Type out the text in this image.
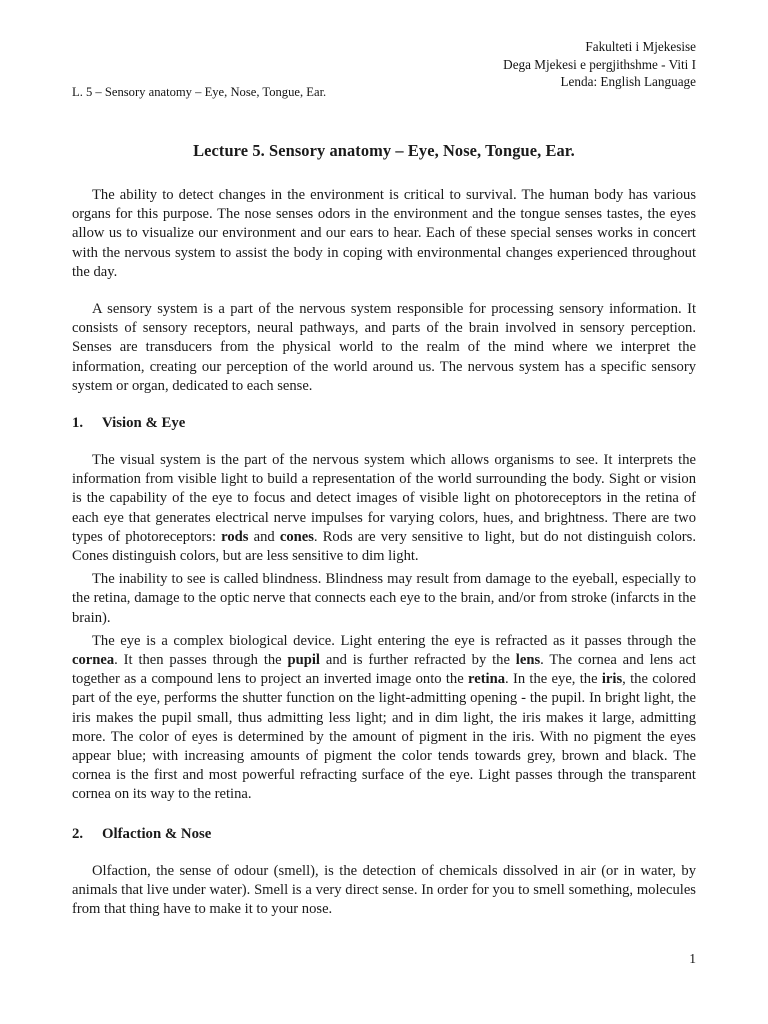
Fakulteti i Mjekesise
Dega Mjekesi e pergjithshme - Viti I
Lenda: English Language
L. 5 – Sensory anatomy – Eye, Nose, Tongue, Ear.
Lecture 5. Sensory anatomy – Eye, Nose, Tongue, Ear.

The ability to detect changes in the environment is critical to survival. The human body has various organs for this purpose. The nose senses odors in the environment and the tongue senses tastes, the eyes allow us to visualize our environment and our ears to hear. Each of these special senses works in concert with the nervous system to assist the body in coping with environmental changes experienced throughout the day.

A sensory system is a part of the nervous system responsible for processing sensory information. It consists of sensory receptors, neural pathways, and parts of the brain involved in sensory perception. Senses are transducers from the physical world to the realm of the mind where we interpret the information, creating our perception of the world around us. The nervous system has a specific sensory system or organ, dedicated to each sense.

1.	Vision & Eye

The visual system is the part of the nervous system which allows organisms to see. It interprets the information from visible light to build a representation of the world surrounding the body. Sight or vision is the capability of the eye to focus and detect images of visible light on photoreceptors in the retina of each eye that generates electrical nerve impulses for varying colors, hues, and brightness. There are two types of photoreceptors: rods and cones. Rods are very sensitive to light, but do not distinguish colors. Cones distinguish colors, but are less sensitive to dim light.

The inability to see is called blindness. Blindness may result from damage to the eyeball, especially to the retina, damage to the optic nerve that connects each eye to the brain, and/or from stroke (infarcts in the brain).

The eye is a complex biological device. Light entering the eye is refracted as it passes through the cornea. It then passes through the pupil and is further refracted by the lens. The cornea and lens act together as a compound lens to project an inverted image onto the retina. In the eye, the iris, the colored part of the eye, performs the shutter function on the light-admitting opening - the pupil. In bright light, the iris makes the pupil small, thus admitting less light; and in dim light, the iris makes it large, admitting more. The color of eyes is determined by the amount of pigment in the iris. With no pigment the eyes appear blue; with increasing amounts of pigment the color tends towards grey, brown and black. The cornea is the first and most powerful refracting surface of the eye. Light passes through the transparent cornea on its way to the retina.

2.	Olfaction & Nose

Olfaction, the sense of odour (smell), is the detection of chemicals dissolved in air (or in water, by animals that live under water). Smell is a very direct sense. In order for you to smell something, molecules from that thing have to make it to your nose.

1
